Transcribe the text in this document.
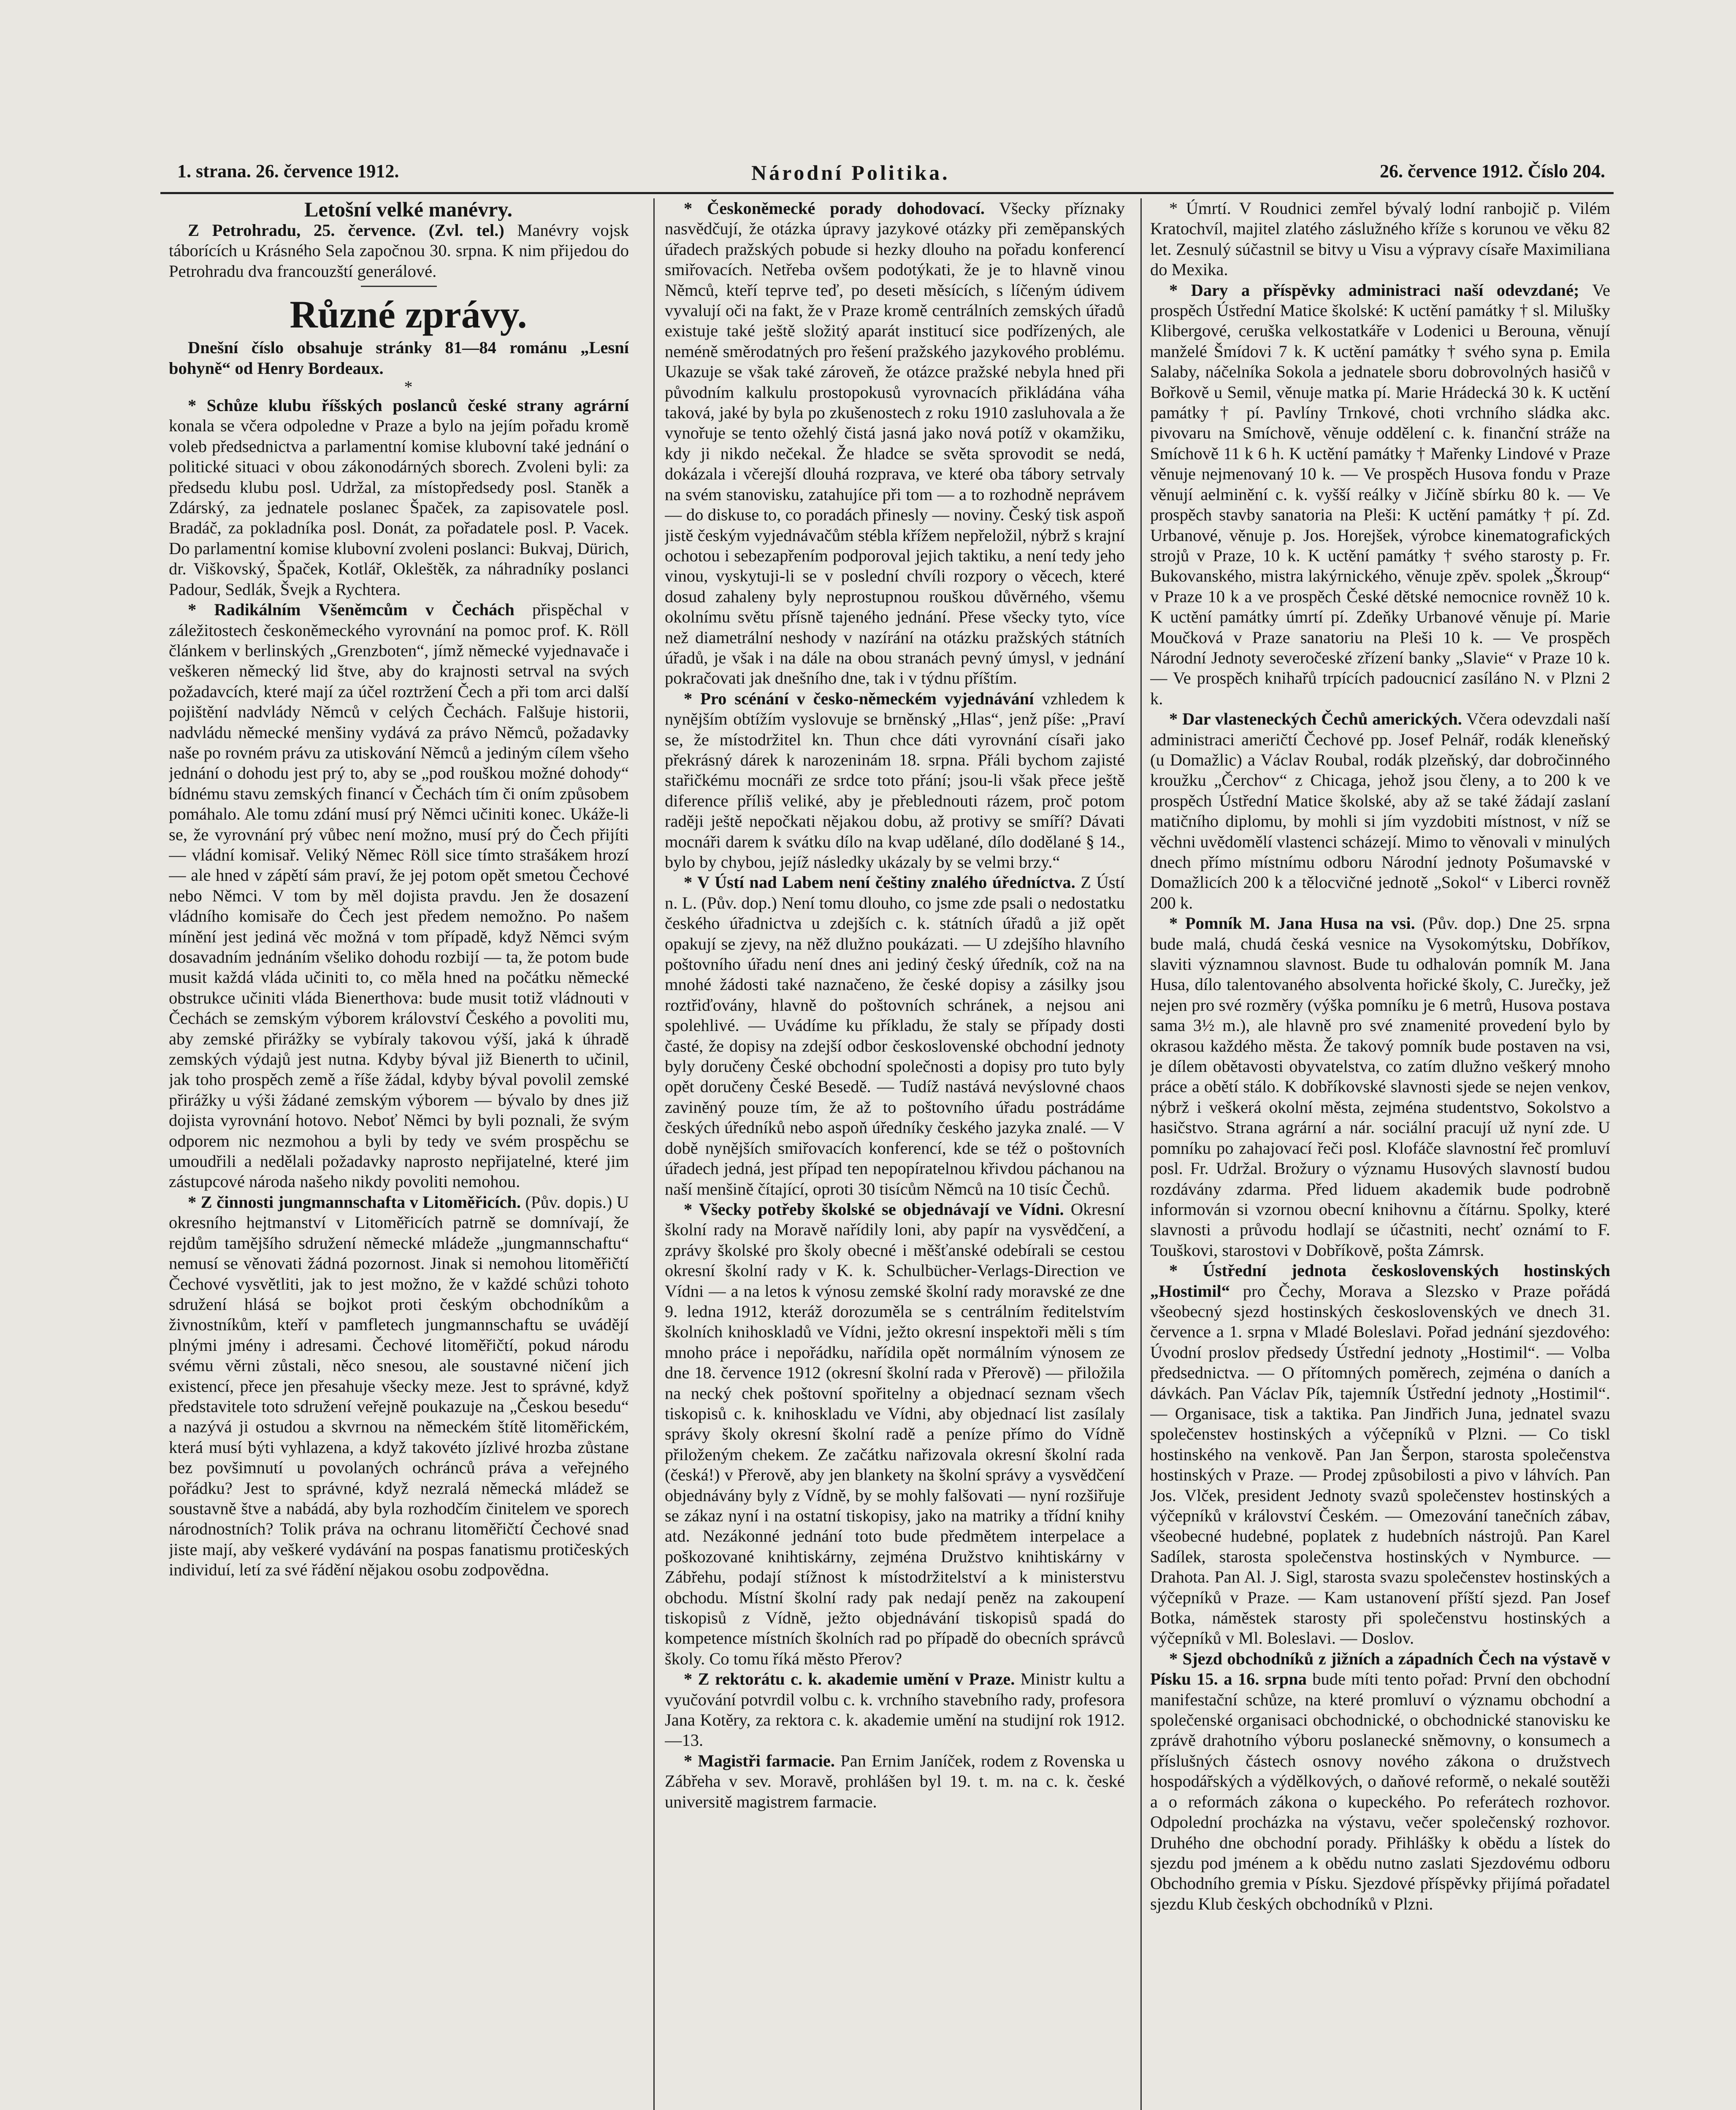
1. strana. 26. července 1912.	Národní Politika.	26. července 1912. Číslo 204.

Letošní velké manévry.

Z Petrohradu, 25. července. (Zvl. tel.) Manévry vojsk táborících u Krásného Sela započnou 30. srpna. K nim přijedou do Petrohradu dva francouzští generálové.

Různé zprávy.

Dnešní číslo obsahuje stránky 81—84 románu „Lesní bohyně“ od Henry Bordeaux.

*

* Schůze klubu říšských poslanců české strany agrární konala se včera odpoledne v Praze a bylo na jejím pořadu kromě voleb předsednictva a parlamentní komise klubovní také jednání o politické situaci v obou zákonodárných sborech. Zvoleni byli: za předsedu klubu posl. Udržal, za místopředsedy posl. Staněk a Zdárský, za jednatele poslanec Špaček, za zapisovatele posl. Bradáč, za pokladníka posl. Donát, za pořadatele posl. P. Vacek. Do parlamentní komise klubovní zvoleni poslanci: Bukvaj, Dürich, dr. Viškovský, Špaček, Kotlář, Okleštěk, za náhradníky poslanci Padour, Sedlák, Švejk a Rychtera.

* Radikálním Všeněmcům v Čechách přispěchal v záležitostech českoněmeckého vyrovnání na pomoc prof. K. Röll článkem v berlinských „Grenzboten“, jímž německé vyjednavače i veškeren německý lid štve, aby do krajnosti setrval na svých požadavcích, které mají za účel roztržení Čech a při tom arci další pojištění nadvlády Němců v celých Čechách. Falšuje historii, nadvládu německé menšiny vydává za právo Němců, požadavky naše po rovném právu za utiskování Němců a jediným cílem všeho jednání o dohodu jest prý to, aby se „pod rouškou možné dohody“ bídnému stavu zemských financí v Čechách tím či oním způsobem pomáhalo. Ale tomu zdání musí prý Němci učiniti konec. Ukáže-li se, že vyrovnání prý vůbec není možno, musí prý do Čech přijíti — vládní komisař. Veliký Němec Röll sice tímto strašákem hrozí — ale hned v zápětí sám praví, že jej potom opět smetou Čechové nebo Němci. V tom by měl dojista pravdu. Jen že dosazení vládního komisaře do Čech jest předem nemožno. Po našem mínění jest jediná věc možná v tom případě, když Němci svým dosavadním jednáním všeliko dohodu rozbijí — ta, že potom bude musit každá vláda učiniti to, co měla hned na počátku německé obstrukce učiniti vláda Bienerthova: bude musit totiž vládnouti v Čechách se zemským výborem království Českého a povoliti mu, aby zemské přirážky se vybíraly takovou výší, jaká k úhradě zemských výdajů jest nutna. Kdyby býval již Bienerth to učinil, jak toho prospěch země a říše žádal, kdyby býval povolil zemské přirážky u výši žádané zemským výborem — bývalo by dnes již dojista vyrovnání hotovo. Neboť Němci by byli poznali, že svým odporem nic nezmohou a byli by tedy ve svém prospěchu se umoudřili a nedělali požadavky naprosto nepřijatelné, které jim zástupcové národa našeho nikdy povoliti nemohou.

* Z činnosti jungmannschafta v Litoměřicích. (Pův. dopis.) U okresního hejtmanství v Litoměřicích patrně se domnívají, že rejdům tamějšího sdružení německé mládeže „jungmannschaftu“ nemusí se věnovati žádná pozornost. Jinak si nemohou litoměřičtí Čechové vysvětliti, jak to jest možno, že v každé schůzi tohoto sdružení hlásá se bojkot proti českým obchodníkům a živnostníkům, kteří v pamfletech jungmannschaftu se uvádějí plnými jmény i adresami. Čechové litoměřičtí, pokud národu svému věrni zůstali, něco snesou, ale soustavné ničení jich existencí, přece jen přesahuje všecky meze. Jest to správné, když představitele toto sdružení veřejně poukazuje na „Českou besedu“ a nazývá ji ostudou a skvrnou na německém štítě litoměřickém, která musí býti vyhlazena, a když takovéto jízlivé hrozba zůstane bez povšimnutí u povolaných ochránců práva a veřejného pořádku? Jest to správné, když nezralá německá mládež se soustavně štve a nabádá, aby byla rozhodčím činitelem ve sporech národnostních? Tolik práva na ochranu litoměřičtí Čechové snad jiste mají, aby veškeré vydávání na pospas fanatismu protičeských individuí, letí za své řádění nějakou osobu zodpovědna.

* Českoněmecké porady dohodovací. Všecky příznaky nasvědčují, že otázka úpravy jazykové otázky při zeměpanských úřadech pražských pobude si hezky dlouho na pořadu konferencí smiřovacích. Netřeba ovšem podotýkati, že je to hlavně vinou Němců, kteří teprve teď, po deseti měsících, s líčeným údivem vyvalují oči na fakt, že v Praze kromě centrálních zemských úřadů existuje také ještě složitý aparát institucí sice podřízených, ale neméně směrodatných pro řešení pražského jazykového problému. Ukazuje se však také zároveň, že otázce pražské nebyla hned při původním kalkulu prostopokusů vyrovnacích přikládána váha taková, jaké by byla po zkušenostech z roku 1910 zasluhovala a že vynořuje se tento ožehlý čistá jasná jako nová potíž v okamžiku, kdy ji nikdo nečekal. Že hladce se světa sprovodit se nedá, dokázala i včerejší dlouhá rozprava, ve které oba tábory setrvaly na svém stanovisku, zatahujíce při tom — a to rozhodně neprávem — do diskuse to, co poradách přinesly — noviny. Český tisk aspoň jistě českým vyjednávačům stébla křížem nepřeložil, nýbrž s krajní ochotou i sebezapřením podporoval jejich taktiku, a není tedy jeho vinou, vyskytuji-li se v poslední chvíli rozpory o věcech, které dosud zahaleny byly neprostupnou rouškou důvěrného, všemu okolnímu světu přísně tajeného jednání. Přese všecky tyto, více než diametrální neshody v nazírání na otázku pražských státních úřadů, je však i na dále na obou stranách pevný úmysl, v jednání pokračovati jak dnešního dne, tak i v týdnu příštím.

* Pro scénání v česko-německém vyjednávání vzhledem k nynějším obtížím vyslovuje se brněnský „Hlas“, jenž píše: „Praví se, že místodržitel kn. Thun chce dáti vyrovnání císaři jako překrásný dárek k narozeninám 18. srpna. Přáli bychom zajisté stařičkému mocnáři ze srdce toto přání; jsou-li však přece ještě diference příliš veliké, aby je přeblednouti rázem, proč potom raději ještě nepočkati nějakou dobu, až protivy se smíří? Dávati mocnáři darem k svátku dílo na kvap udělané, dílo dodělané § 14., bylo by chybou, jejíž následky ukázaly by se velmi brzy.“

* V Ústí nad Labem není češtiny znalého úředníctva. Z Ústí n. L. (Pův. dop.) Není tomu dlouho, co jsme zde psali o nedostatku českého úřadnictva u zdejších c. k. státních úřadů a již opět opakují se zjevy, na něž dlužno poukázati. — U zdejšího hlavního poštovního úřadu není dnes ani jediný český úředník, což na na mnohé žádosti také naznačeno, že české dopisy a zásilky jsou roztřiďovány, hlavně do poštovních schránek, a nejsou ani spolehlivé. — Uvádíme ku příkladu, že staly se případy dosti časté, že dopisy na zdejší odbor československé obchodní jednoty byly doručeny České obchodní společnosti a dopisy pro tuto byly opět doručeny České Besedě. — Tudíž nastává nevýslovné chaos zaviněný pouze tím, že až to poštovního úřadu postrádáme českých úředníků nebo aspoň úředníky českého jazyka znalé. — V době nynějších smiřovacích konferencí, kde se též o poštovních úřadech jedná, jest případ ten nepopíratelnou křivdou páchanou na naší menšině čítající, oproti 30 tisícům Němců na 10 tisíc Čechů.

* Všecky potřeby školské se objednávají ve Vídni. Okresní školní rady na Moravě nařídily loni, aby papír na vysvědčení, a zprávy školské pro školy obecné i měšťanské odebírali se cestou okresní školní rady v K. k. Schulbücher-Verlags-Direction ve Vídni — a na letos k výnosu zemské školní rady moravské ze dne 9. ledna 1912, kteráž dorozuměla se s centrálním ředitelstvím školních knihoskladů ve Vídni, ježto okresní inspektoři měli s tím mnoho práce i nepořádku, nařídila opět normálním výnosem ze dne 18. července 1912 (okresní školní rada v Přerově) — přiložila na necký chek poštovní spořitelny a objednací seznam všech tiskopisů c. k. knihoskladu ve Vídni, aby objednací list zasílaly správy školy okresní školní radě a peníze přímo do Vídně přiloženým chekem. Ze začátku nařizovala okresní školní rada (česká!) v Přerově, aby jen blankety na školní správy a vysvědčení objednávány byly z Vídně, by se mohly falšovati — nyní rozšiřuje se zákaz nyní i na ostatní tiskopisy, jako na matriky a třídní knihy atd. Nezákonné jednání toto bude předmětem interpelace a poškozované knihtiskárny, zejména Družstvo knihtiskárny v Zábřehu, podají stížnost k místodržitelství a k ministerstvu obchodu. Místní školní rady pak nedají peněz na zakoupení tiskopisů z Vídně, ježto objednávání tiskopisů spadá do kompetence místních školních rad po případě do obecních správců školy. Co tomu říká město Přerov?

* Z rektorátu c. k. akademie umění v Praze. Ministr kultu a vyučování potvrdil volbu c. k. vrchního stavebního rady, profesora Jana Kotěry, za rektora c. k. akademie umění na studijní rok 1912.—13.

* Magistři farmacie. Pan Ernim Janíček, rodem z Rovenska u Zábřeha v sev. Moravě, prohlášen byl 19. t. m. na c. k. české universitě magistrem farmacie.

* Úmrtí. V Roudnici zemřel bývalý lodní ranbojič p. Vilém Kratochvíl, majitel zlatého záslužného kříže s korunou ve věku 82 let. Zesnulý súčastnil se bitvy u Visu a výpravy císaře Maximiliana do Mexika.

* Dary a příspěvky administraci naší odevzdané; Ve prospěch Ústřední Matice školské: K uctění památky † sl. Milušky Klibergové, ceruška velkostatkáře v Lodenici u Berouna, věnují manželé Šmídovi 7 k. K uctění památky † svého syna p. Emila Salaby, náčelníka Sokola a jednatele sboru dobrovolných hasičů v Bořkově u Semil, věnuje matka pí. Marie Hrádecká 30 k. K uctění památky † pí. Pavlíny Trnkové, choti vrchního sládka akc. pivovaru na Smíchově, věnuje oddělení c. k. finanční stráže na Smíchově 11 k 6 h. K uctění památky † Mařenky Lindové v Praze věnuje nejmenovaný 10 k. — Ve prospěch Husova fondu v Praze věnují aelminění c. k. vyšší reálky v Jičíně sbírku 80 k. — Ve prospěch stavby sanatoria na Pleši: K uctění památky † pí. Zd. Urbanové, věnuje p. Jos. Horejšek, výrobce kinematografických strojů v Praze, 10 k. K uctění památky † svého starosty p. Fr. Bukovanského, mistra lakýrnického, věnuje zpěv. spolek „Škroup“ v Praze 10 k a ve prospěch České dětské nemocnice rovněž 10 k. K uctění památky úmrtí pí. Zdeňky Urbanové věnuje pí. Marie Moučková v Praze sanatoriu na Pleši 10 k. — Ve prospěch Národní Jednoty severočeské zřízení banky „Slavie“ v Praze 10 k. — Ve prospěch knihařů trpících padoucnicí zasíláno N. v Plzni 2 k.

* Dar vlasteneckých Čechů amerických. Včera odevzdali naší administraci američtí Čechové pp. Josef Pelnář, rodák kleneňský (u Domažlic) a Václav Roubal, rodák plzeňský, dar dobročinného kroužku „Čerchov“ z Chicaga, jehož jsou členy, a to 200 k ve prospěch Ústřední Matice školské, aby až se také žádají zaslaní matičního diplomu, by mohli si jím vyzdobiti místnost, v níž se věchni uvědomělí vlastenci scházejí. Mimo to věnovali v minulých dnech přímo místnímu odboru Národní jednoty Pošumavské v Domažlicích 200 k a tělocvičné jednotě „Sokol“ v Liberci rovněž 200 k.

* Pomník M. Jana Husa na vsi. (Pův. dop.) Dne 25. srpna bude malá, chudá česká vesnice na Vysokomýtsku, Dobříkov, slaviti významnou slavnost. Bude tu odhalován pomník M. Jana Husa, dílo talentovaného absolventa hořické školy, C. Jurečky, jež nejen pro své rozměry (výška pomníku je 6 metrů, Husova postava sama 3½ m.), ale hlavně pro své znamenité provedení bylo by okrasou každého města. Že takový pomník bude postaven na vsi, je dílem obětavosti obyvatelstva, co zatím dlužno veškerý mnoho práce a obětí stálo. K dobříkovské slavnosti sjede se nejen venkov, nýbrž i veškerá okolní města, zejména studentstvo, Sokolstvo a hasičstvo. Strana agrární a nár. sociální pracují už nyní zde. U pomníku po zahajovací řeči posl. Klofáče slavnostní řeč promluví posl. Fr. Udržal. Brožury o významu Husových slavností budou rozdávány zdarma. Před liduem akademik bude podrobně informován si vzornou obecní knihovnu a čítárnu. Spolky, které slavnosti a průvodu hodlají se účastniti, nechť oznámí to F. Touškovi, starostovi v Dobříkově, pošta Zámrsk.

* Ústřední jednota československých hostinských „Hostimil“ pro Čechy, Morava a Slezsko v Praze pořádá všeobecný sjezd hostinských československých ve dnech 31. července a 1. srpna v Mladé Boleslavi. Pořad jednání sjezdového: Úvodní proslov předsedy Ústřední jednoty „Hostimil“. — Volba předsednictva. — O přítomných poměrech, zejména o daních a dávkách. Pan Václav Pík, tajemník Ústřední jednoty „Hostimil“. — Organisace, tisk a taktika. Pan Jindřich Juna, jednatel svazu společenstev hostinských a výčepníků v Plzni. — Co tiskl hostinského na venkově. Pan Jan Šerpon, starosta společenstva hostinských v Praze. — Prodej způsobilosti a pivo v láhvích. Pan Jos. Vlček, president Jednoty svazů společenstev hostinských a výčepníků v království Českém. — Omezování tanečních zábav, všeobecné hudebné, poplatek z hudebních nástrojů. Pan Karel Sadílek, starosta společenstva hostinských v Nymburce. — Drahota. Pan Al. J. Sigl, starosta svazu společenstev hostinských a výčepníků v Praze. — Kam ustanovení příští sjezd. Pan Josef Botka, náměstek starosty při společenstvu hostinských a výčepníků v Ml. Boleslavi. — Doslov.

* Sjezd obchodníků z jižních a západních Čech na výstavě v Písku 15. a 16. srpna bude míti tento pořad: První den obchodní manifestační schůze, na které promluví o významu obchodní a společenské organisaci obchodnické, o obchodnické stanovisku ke zprávě drahotního výboru poslanecké sněmovny, o konsumech a příslušných částech osnovy nového zákona o družstvech hospodářských a výdělkových, o daňové reformě, o nekalé soutěži a o reformách zákona o kupeckého. Po referátech rozhovor. Odpolední procházka na výstavu, večer společenský rozhovor. Druhého dne obchodní porady. Přihlášky k obědu a lístek do sjezdu pod jménem a k obědu nutno zaslati Sjezdovému odboru Obchodního gremia v Písku. Sjezdové příspěvky přijímá pořadatel sjezdu Klub českých obchodníků v Plzni.
